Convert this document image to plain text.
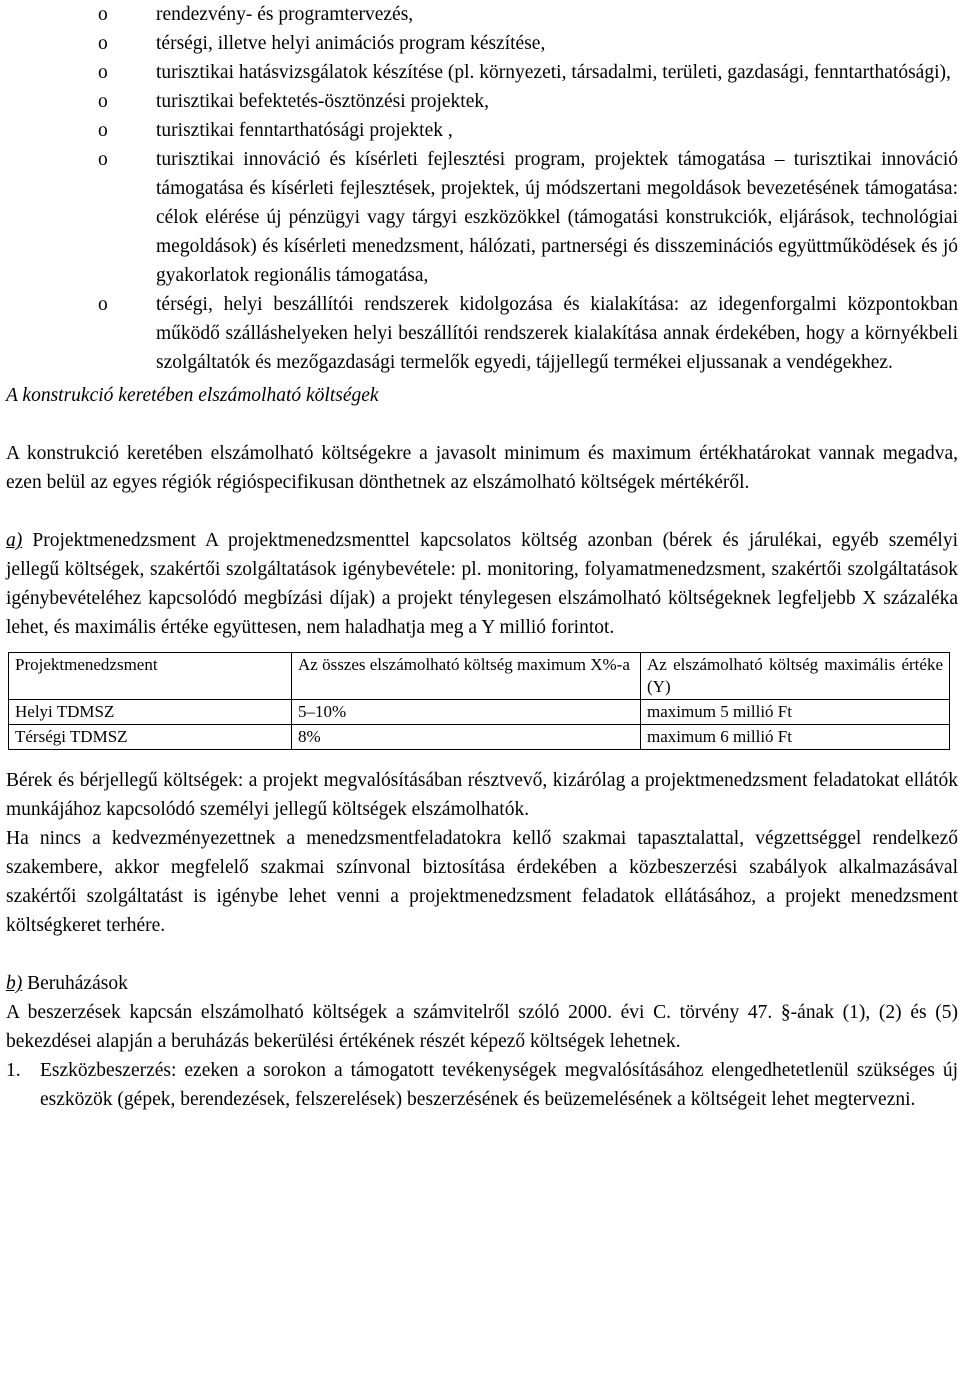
o rendezvény- és programtervezés,
o térségi, illetve helyi animációs program készítése,
o turisztikai hatásvizsgálatok készítése (pl. környezeti, társadalmi, területi, gazdasági, fenntarthatósági),
o turisztikai befektetés-ösztönzési projektek,
o turisztikai fenntarthatósági projektek ,
o turisztikai innováció és kísérleti fejlesztési program, projektek támogatása – turisztikai innováció támogatása és kísérleti fejlesztések, projektek, új módszertani megoldások bevezetésének támogatása: célok elérése új pénzügyi vagy tárgyi eszközökkel (támogatási konstrukciók, eljárások, technológiai megoldások) és kísérleti menedzsment, hálózati, partnerségi és disszeminációs együttműködések és jó gyakorlatok regionális támogatása,
o térségi, helyi beszállítói rendszerek kidolgozása és kialakítása: az idegenforgalmi központokban működő szálláshelyeken helyi beszállítói rendszerek kialakítása annak érdekében, hogy a környékbeli szolgáltatók és mezőgazdasági termelők egyedi, tájjellegű termékei eljussanak a vendégekhez.

A konstrukció keretében elszámolható költségek

A konstrukció keretében elszámolható költségekre a javasolt minimum és maximum értékhatárokat vannak megadva, ezen belül az egyes régiók régióspecifikusan dönthetnek az elszámolható költségek mértékéről.

a) Projektmenedzsment A projektmenedzsmenttel kapcsolatos költség azonban (bérek és járulékai, egyéb személyi jellegű költségek, szakértői szolgáltatások igénybevétele: pl. monitoring, folyamatmenedzsment, szakértői szolgáltatások igénybevételéhez kapcsolódó megbízási díjak) a projekt ténylegesen elszámolható költségeknek legfeljebb X százaléka lehet, és maximális értéke együttesen, nem haladhatja meg a Y millió forintot.

Projektmenedzsment	Az összes elszámolható költség maximum X%-a	Az elszámolható költség maximális értéke (Y)
Helyi TDMSZ	5–10%	maximum 5 millió Ft
Térségi TDMSZ	8%	maximum 6 millió Ft

Bérek és bérjellegű költségek: a projekt megvalósításában résztvevő, kizárólag a projektmenedzsment feladatokat ellátók munkájához kapcsolódó személyi jellegű költségek elszámolhatók.

Ha nincs a kedvezményezettnek a menedzsmentfeladatokra kellő szakmai tapasztalattal, végzettséggel rendelkező szakembere, akkor megfelelő szakmai színvonal biztosítása érdekében a közbeszerzési szabályok alkalmazásával szakértői szolgáltatást is igénybe lehet venni a projektmenedzsment feladatok ellátásához, a projekt menedzsment költségkeret terhére.

b) Beruházások

A beszerzések kapcsán elszámolható költségek a számvitelről szóló 2000. évi C. törvény 47. §-ának (1), (2) és (5) bekezdései alapján a beruházás bekerülési értékének részét képező költségek lehetnek.

1. Eszközbeszerzés: ezeken a sorokon a támogatott tevékenységek megvalósításához elengedhetetlenül szükséges új eszközök (gépek, berendezések, felszerelések) beszerzésének és beüzemelésének a költségeit lehet megtervezni.
